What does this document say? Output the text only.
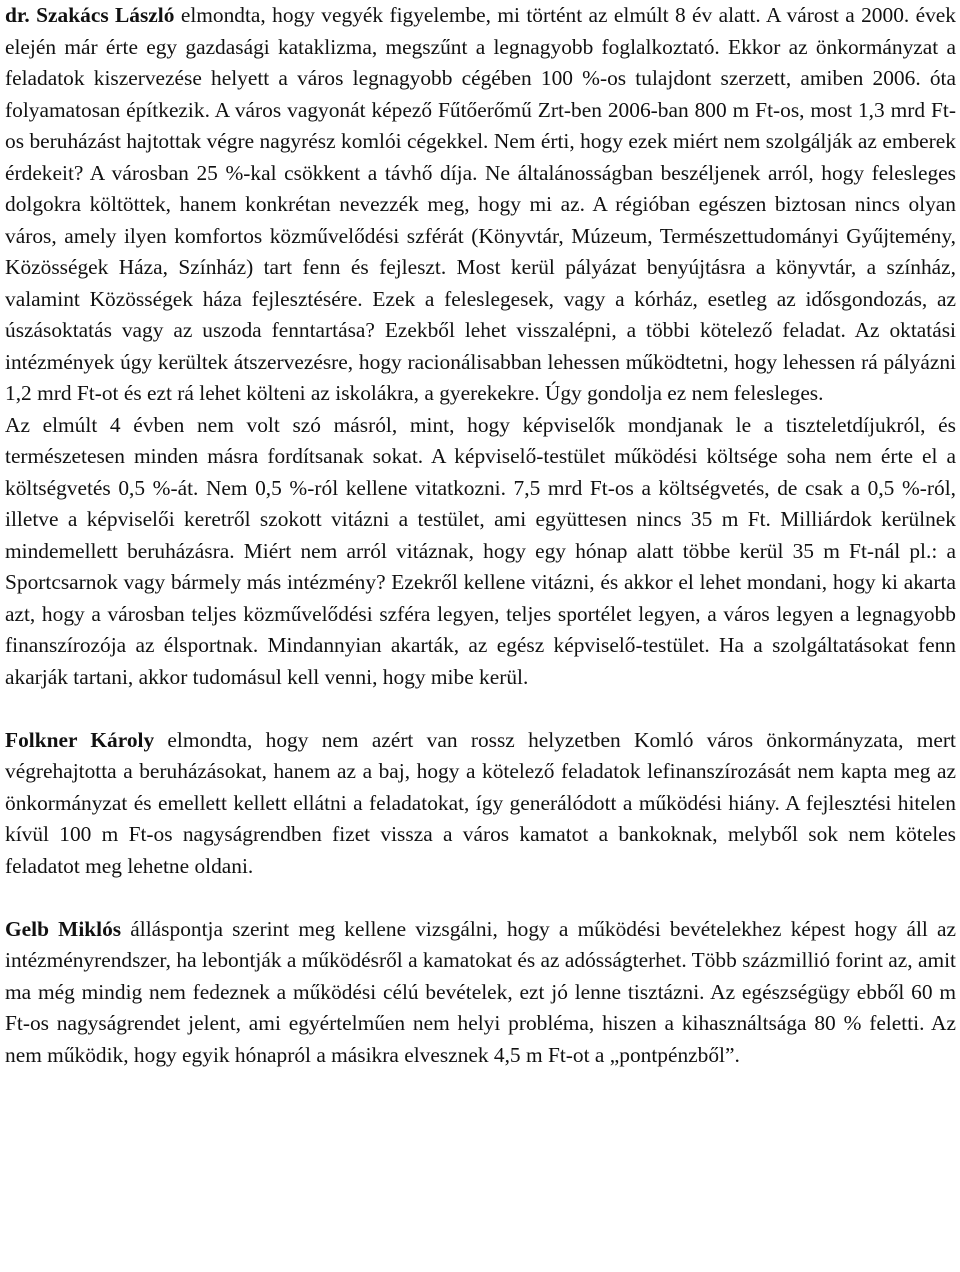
dr. Szakács László elmondta, hogy vegyék figyelembe, mi történt az elmúlt 8 év alatt. A várost a 2000. évek elején már érte egy gazdasági kataklizma, megszűnt a legnagyobb foglalkoztató. Ekkor az önkormányzat a feladatok kiszervezése helyett a város legnagyobb cégében 100 %-os tulajdont szerzett, amiben 2006. óta folyamatosan építkezik. A város vagyonát képező Fűtőerőmű Zrt-ben 2006-ban 800 m Ft-os, most 1,3 mrd Ft-os beruházást hajtottak végre nagyrész komlói cégekkel. Nem érti, hogy ezek miért nem szolgálják az emberek érdekeit? A városban 25 %-kal csökkent a távhő díja. Ne általánosságban beszéljenek arról, hogy felesleges dolgokra költöttek, hanem konkrétan nevezzék meg, hogy mi az. A régióban egészen biztosan nincs olyan város, amely ilyen komfortos közművelődési szférát (Könyvtár, Múzeum, Természettudományi Gyűjtemény, Közösségek Háza, Színház) tart fenn és fejleszt. Most kerül pályázat benyújtásra a könyvtár, a színház, valamint Közösségek háza fejlesztésére. Ezek a feleslegesek, vagy a kórház, esetleg az idősgondozás, az úszásoktatás vagy az uszoda fenntartása? Ezekből lehet visszalépni, a többi kötelező feladat. Az oktatási intézmények úgy kerültek átszervezésre, hogy racionálisabban lehessen működtetni, hogy lehessen rá pályázni 1,2 mrd Ft-ot és ezt rá lehet költeni az iskolákra, a gyerekekre. Úgy gondolja ez nem felesleges.

Az elmúlt 4 évben nem volt szó másról, mint, hogy képviselők mondjanak le a tiszteletdíjukról, és természetesen minden másra fordítsanak sokat. A képviselő-testület működési költsége soha nem érte el a költségvetés 0,5 %-át. Nem 0,5 %-ról kellene vitatkozni. 7,5 mrd Ft-os a költségvetés, de csak a 0,5 %-ról, illetve a képviselői keretről szokott vitázni a testület, ami együttesen nincs 35 m Ft. Milliárdok kerülnek mindemellett beruházásra. Miért nem arról vitáznak, hogy egy hónap alatt többe kerül 35 m Ft-nál pl.: a Sportcsarnok vagy bármely más intézmény? Ezekről kellene vitázni, és akkor el lehet mondani, hogy ki akarta azt, hogy a városban teljes közművelődési szféra legyen, teljes sportélet legyen, a város legyen a legnagyobb finanszírozója az élsportnak. Mindannyian akarták, az egész képviselő-testület. Ha a szolgáltatásokat fenn akarják tartani, akkor tudomásul kell venni, hogy mibe kerül.

Folkner Károly elmondta, hogy nem azért van rossz helyzetben Komló város önkormányzata, mert végrehajtotta a beruházásokat, hanem az a baj, hogy a kötelező feladatok lefinanszírozását nem kapta meg az önkormányzat és emellett kellett ellátni a feladatokat, így generálódott a működési hiány. A fejlesztési hitelen kívül 100 m Ft-os nagyságrendben fizet vissza a város kamatot a bankoknak, melyből sok nem köteles feladatot meg lehetne oldani.

Gelb Miklós álláspontja szerint meg kellene vizsgálni, hogy a működési bevételekhez képest hogy áll az intézményrendszer, ha lebontják a működésről a kamatokat és az adósságterhet. Több százmillió forint az, amit ma még mindig nem fedeznek a működési célú bevételek, ezt jó lenne tisztázni. Az egészségügy ebből 60 m Ft-os nagyságrendet jelent, ami egyértelműen nem helyi probléma, hiszen a kihasználtsága 80 % feletti. Az nem működik, hogy egyik hónapról a másikra elvesznek 4,5 m Ft-ot a „pontpénzből”.
